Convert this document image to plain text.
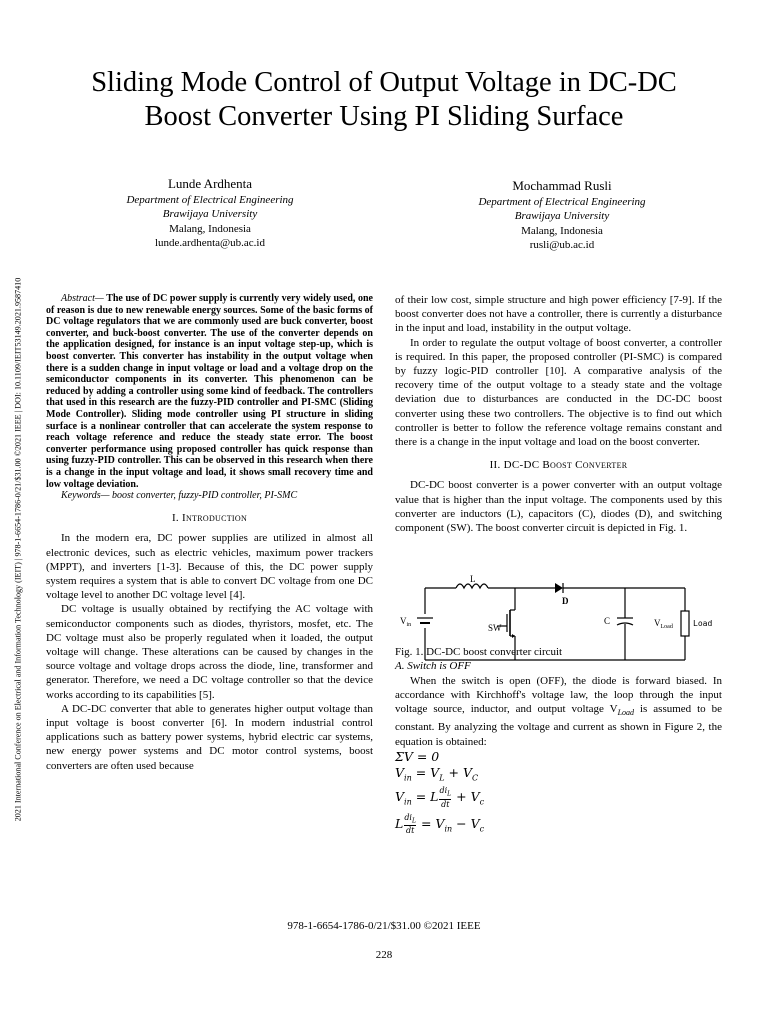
2021 International Conference on Electrical and Information Technology (IEIT) | 978-1-6654-1786-0/21/$31.00 ©2021 IEEE | DOI: 10.1109/IEIT53149.2021.9587410
Sliding Mode Control of Output Voltage in DC-DC
Boost Converter Using PI Sliding Surface
Lunde Ardhenta
Department of Electrical Engineering
Brawijaya University
Malang, Indonesia
lunde.ardhenta@ub.ac.id
Mochammad Rusli
Department of Electrical Engineering
Brawijaya University
Malang, Indonesia
rusli@ub.ac.id

Abstract— The use of DC power supply is currently very widely used, one of reason is due to new renewable energy sources. Some of the basic forms of DC voltage regulators that we are commonly used are buck converter, boost converter, and buck-boost converter. The use of the converter depends on the application designed, for instance is an input voltage step-up, which is boost converter. This converter has instability in the output voltage when there is a sudden change in input voltage or load and a voltage drop on the semiconductor components in its converter. This phenomenon can be reduced by adding a controller using some kind of feedback. The controllers that used in this research are the fuzzy-PID controller and PI-SMC (Sliding Mode Controller). Sliding mode controller using PI structure in sliding surface is a nonlinear controller that can accelerate the system response to reach voltage reference and reduce the steady state error. The boost converter performance using proposed controller has quick response than using fuzzy-PID controller. This can be observed in this research when there is a change in the input voltage and load, it shows small recovery time and low voltage deviation.

Keywords— boost converter, fuzzy-PID controller, PI-SMC

I. Introduction

In the modern era, DC power supplies are utilized in almost all electronic devices, such as electric vehicles, maximum power trackers (MPPT), and inverters [1-3]. Because of this, the DC power supply system requires a system that is able to convert DC voltage from one DC voltage level to another DC voltage level [4].

DC voltage is usually obtained by rectifying the AC voltage with semiconductor components such as diodes, thyristors, mosfet, etc. The DC voltage must also be properly regulated when it loaded, the output voltage will change. These alterations can be caused by changes in the source voltage and voltage drops across the diode, line, transformer and generator. Therefore, we need a DC voltage controller so that the device works according to its capabilities [5].

A DC-DC converter that able to generates higher output voltage than input voltage is boost converter [6]. In modern industrial control applications such as battery power systems, hybrid electric car systems, new energy power systems and DC motor control systems, boost converters are often used because

of their low cost, simple structure and high power efficiency [7-9]. If the boost converter does not have a controller, there is currently a disturbance in the input and load, instability in the output voltage.

In order to regulate the output voltage of boost converter, a controller is required. In this paper, the proposed controller (PI-SMC) is compared by fuzzy logic-PID controller [10]. A comparative analysis of the recovery time of the output voltage to a steady state and the voltage deviation due to disturbances are conducted in the DC-DC boost converter using these two controllers. The objective is to find out which controller is better to follow the reference voltage remains constant and there is a change in the input voltage and load on the boost converter.

II. DC-DC Boost Converter

DC-DC boost converter is a power converter with an output voltage value that is higher than the input voltage. The components used by this converter are inductors (L), capacitors (C), diodes (D), and switching component (SW). The boost converter circuit is depicted in Fig. 1.

Fig. 1. DC-DC boost converter circuit

A. Switch is OFF

When the switch is open (OFF), the diode is forward biased. In accordance with Kirchhoff's voltage law, the loop through the input voltage source, inductor, and output voltage $V_{Load}$ is assumed to be constant. By analyzing the voltage and current as shown in Figure 2, the equation is obtained:

ΣV = 0
$V_{in} = V_L + V_C$
$V_{in} = L$ $di_L$
dt
+ $V_c$
L $di_L$
dt
= $V_{in} - V_c$
L
D
C
$V_{in}$	SW	$V_{Load}$	Load
978-1-6654-1786-0/21/$31.00 ©2021 IEEE
228
